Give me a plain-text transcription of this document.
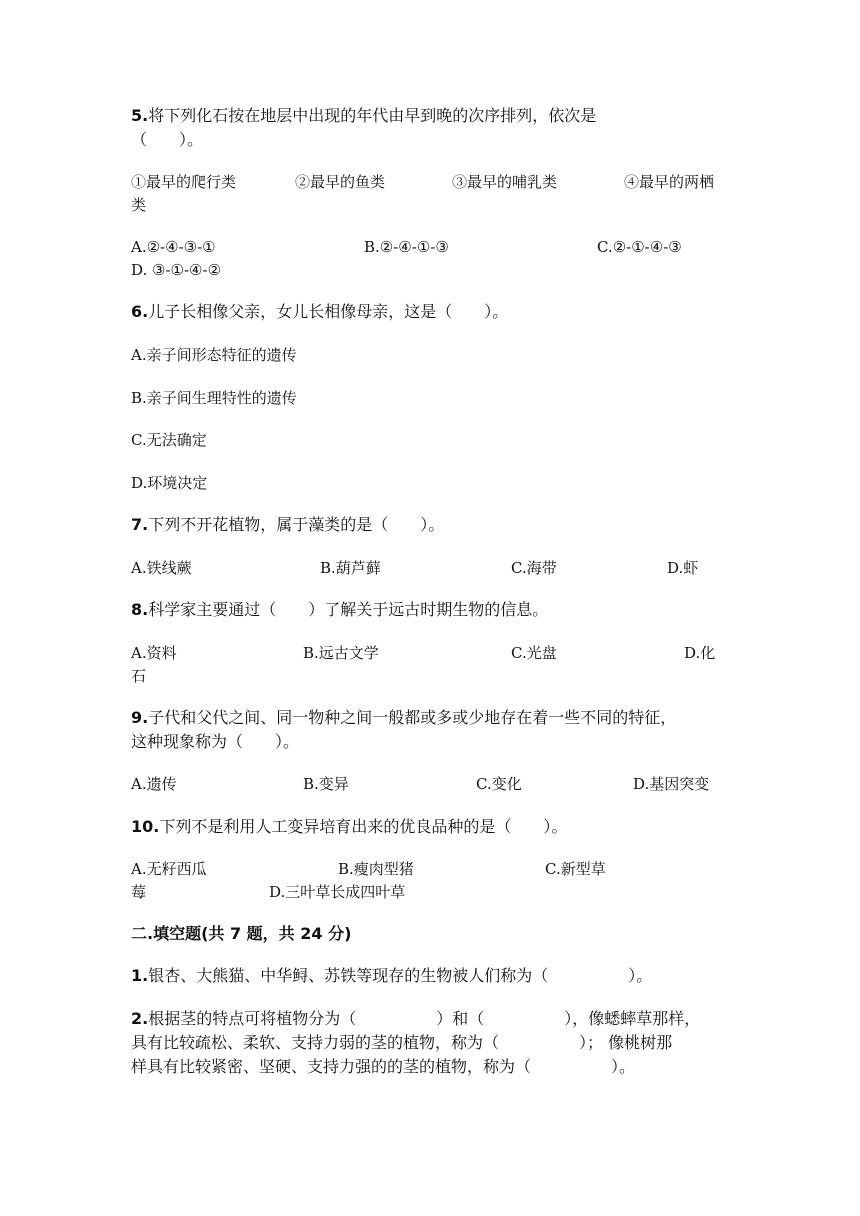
5.将下列化石按在地层中出现的年代由早到晚的次序排列，依次是
（　　）。
①最早的爬行类	②最早的鱼类	③最早的哺乳类	④最早的两栖
类
A.②-④-③-①	B.②-④-①-③	C.②-①-④-③
D. ③-①-④-②
6.儿子长相像父亲，女儿长相像母亲，这是（　　）。
A.亲子间形态特征的遗传
B.亲子间生理特性的遗传
C.无法确定
D.环境决定
7.下列不开花植物，属于藻类的是（　　）。
A.铁线蕨	B.葫芦藓	C.海带	D.虾
8.科学家主要通过（　　）了解关于远古时期生物的信息。
A.资料	B.远古文学	C.光盘	D.化
石
9.子代和父代之间、同一物种之间一般都或多或少地存在着一些不同的特征，
这种现象称为（　　）。
A.遗传	B.变异	C.变化	D.基因突变
10.下列不是利用人工变异培育出来的优良品种的是（　　）。
A.无籽西瓜	B.瘦肉型猪	C.新型草
莓	D.三叶草长成四叶草
二.填空题(共 7 题，共 24 分)
1.银杏、大熊猫、中华鲟、苏铁等现存的生物被人们称为（　　　　　）。
2.根据茎的特点可将植物分为（　　　　　）和（　　　　　），像蟋蟀草那样，
具有比较疏松、柔软、支持力弱的茎的植物，称为（　　　　　）； 像桃树那
样具有比较紧密、坚硬、支持力强的的茎的植物，称为（　　　　　）。
